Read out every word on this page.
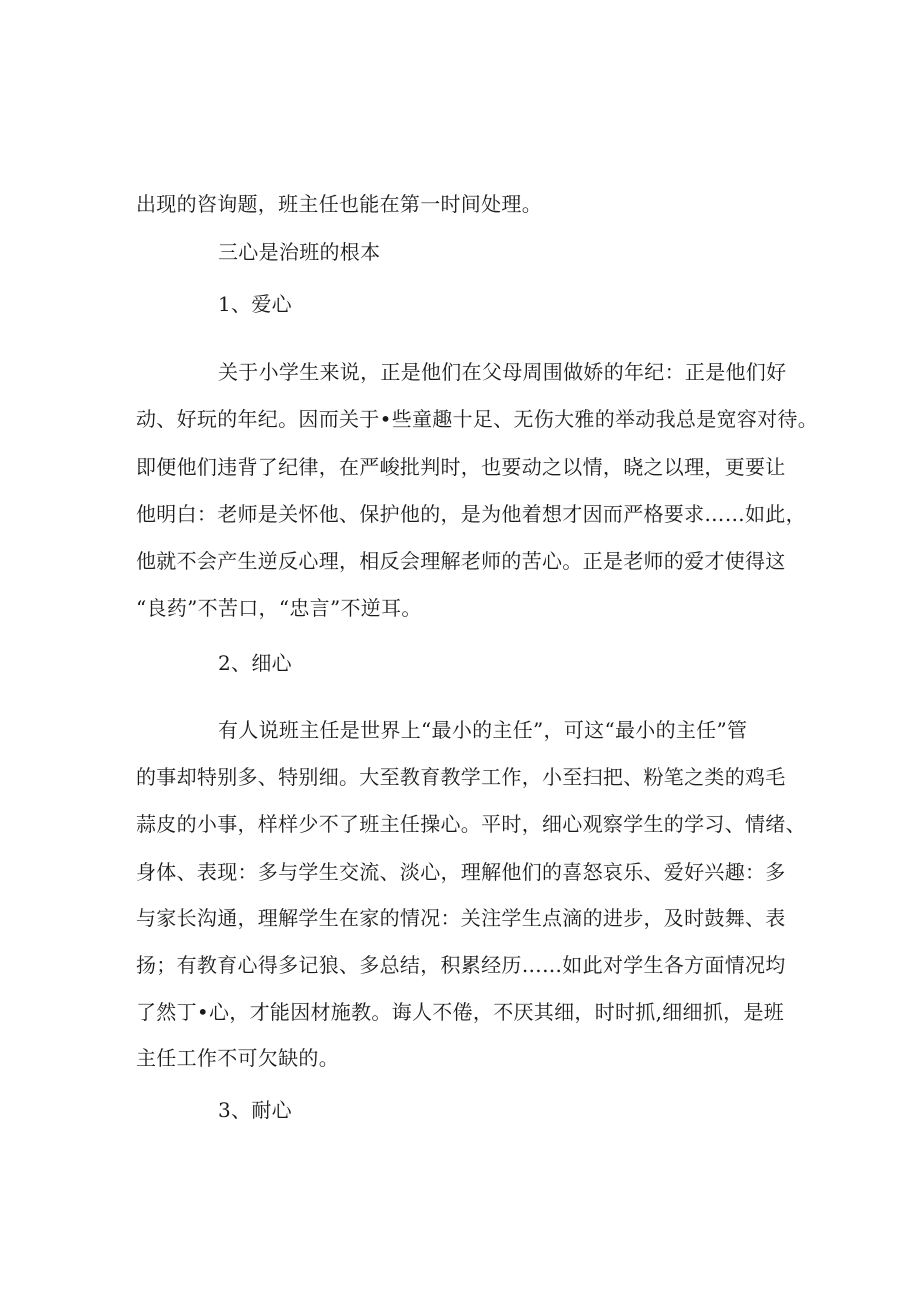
出现的咨询题，班主任也能在第一时间处理。
三心是治班的根本
1、爱心
关于小学生来说，正是他们在父母周围做娇的年纪：正是他们好
动、好玩的年纪。因而关于•些童趣十足、无伤大雅的举动我总是宽容对待。
即便他们违背了纪律，在严峻批判时，也要动之以情，晓之以理，更要让
他明白：老师是关怀他、保护他的，是为他着想才因而严格要求……如此，
他就不会产生逆反心理，相反会理解老师的苦心。正是老师的爱才使得这
“良药”不苦口，“忠言”不逆耳。
2、细心
有人说班主任是世界上“最小的主任”，可这“最小的主任”管
的事却特别多、特别细。大至教育教学工作，小至扫把、粉笔之类的鸡毛
蒜皮的小事，样样少不了班主任操心。平时，细心观察学生的学习、情绪、
身体、表现：多与学生交流、淡心，理解他们的喜怒哀乐、爱好兴趣：多
与家长沟通，理解学生在家的情况：关注学生点滴的进步，及时鼓舞、表
扬；有教育心得多记狼、多总结，积累经历……如此对学生各方面情况均
了然丁•心，才能因材施教。诲人不倦，不厌其细，时时抓,细细抓，是班
主任工作不可欠缺的。
3、耐心
